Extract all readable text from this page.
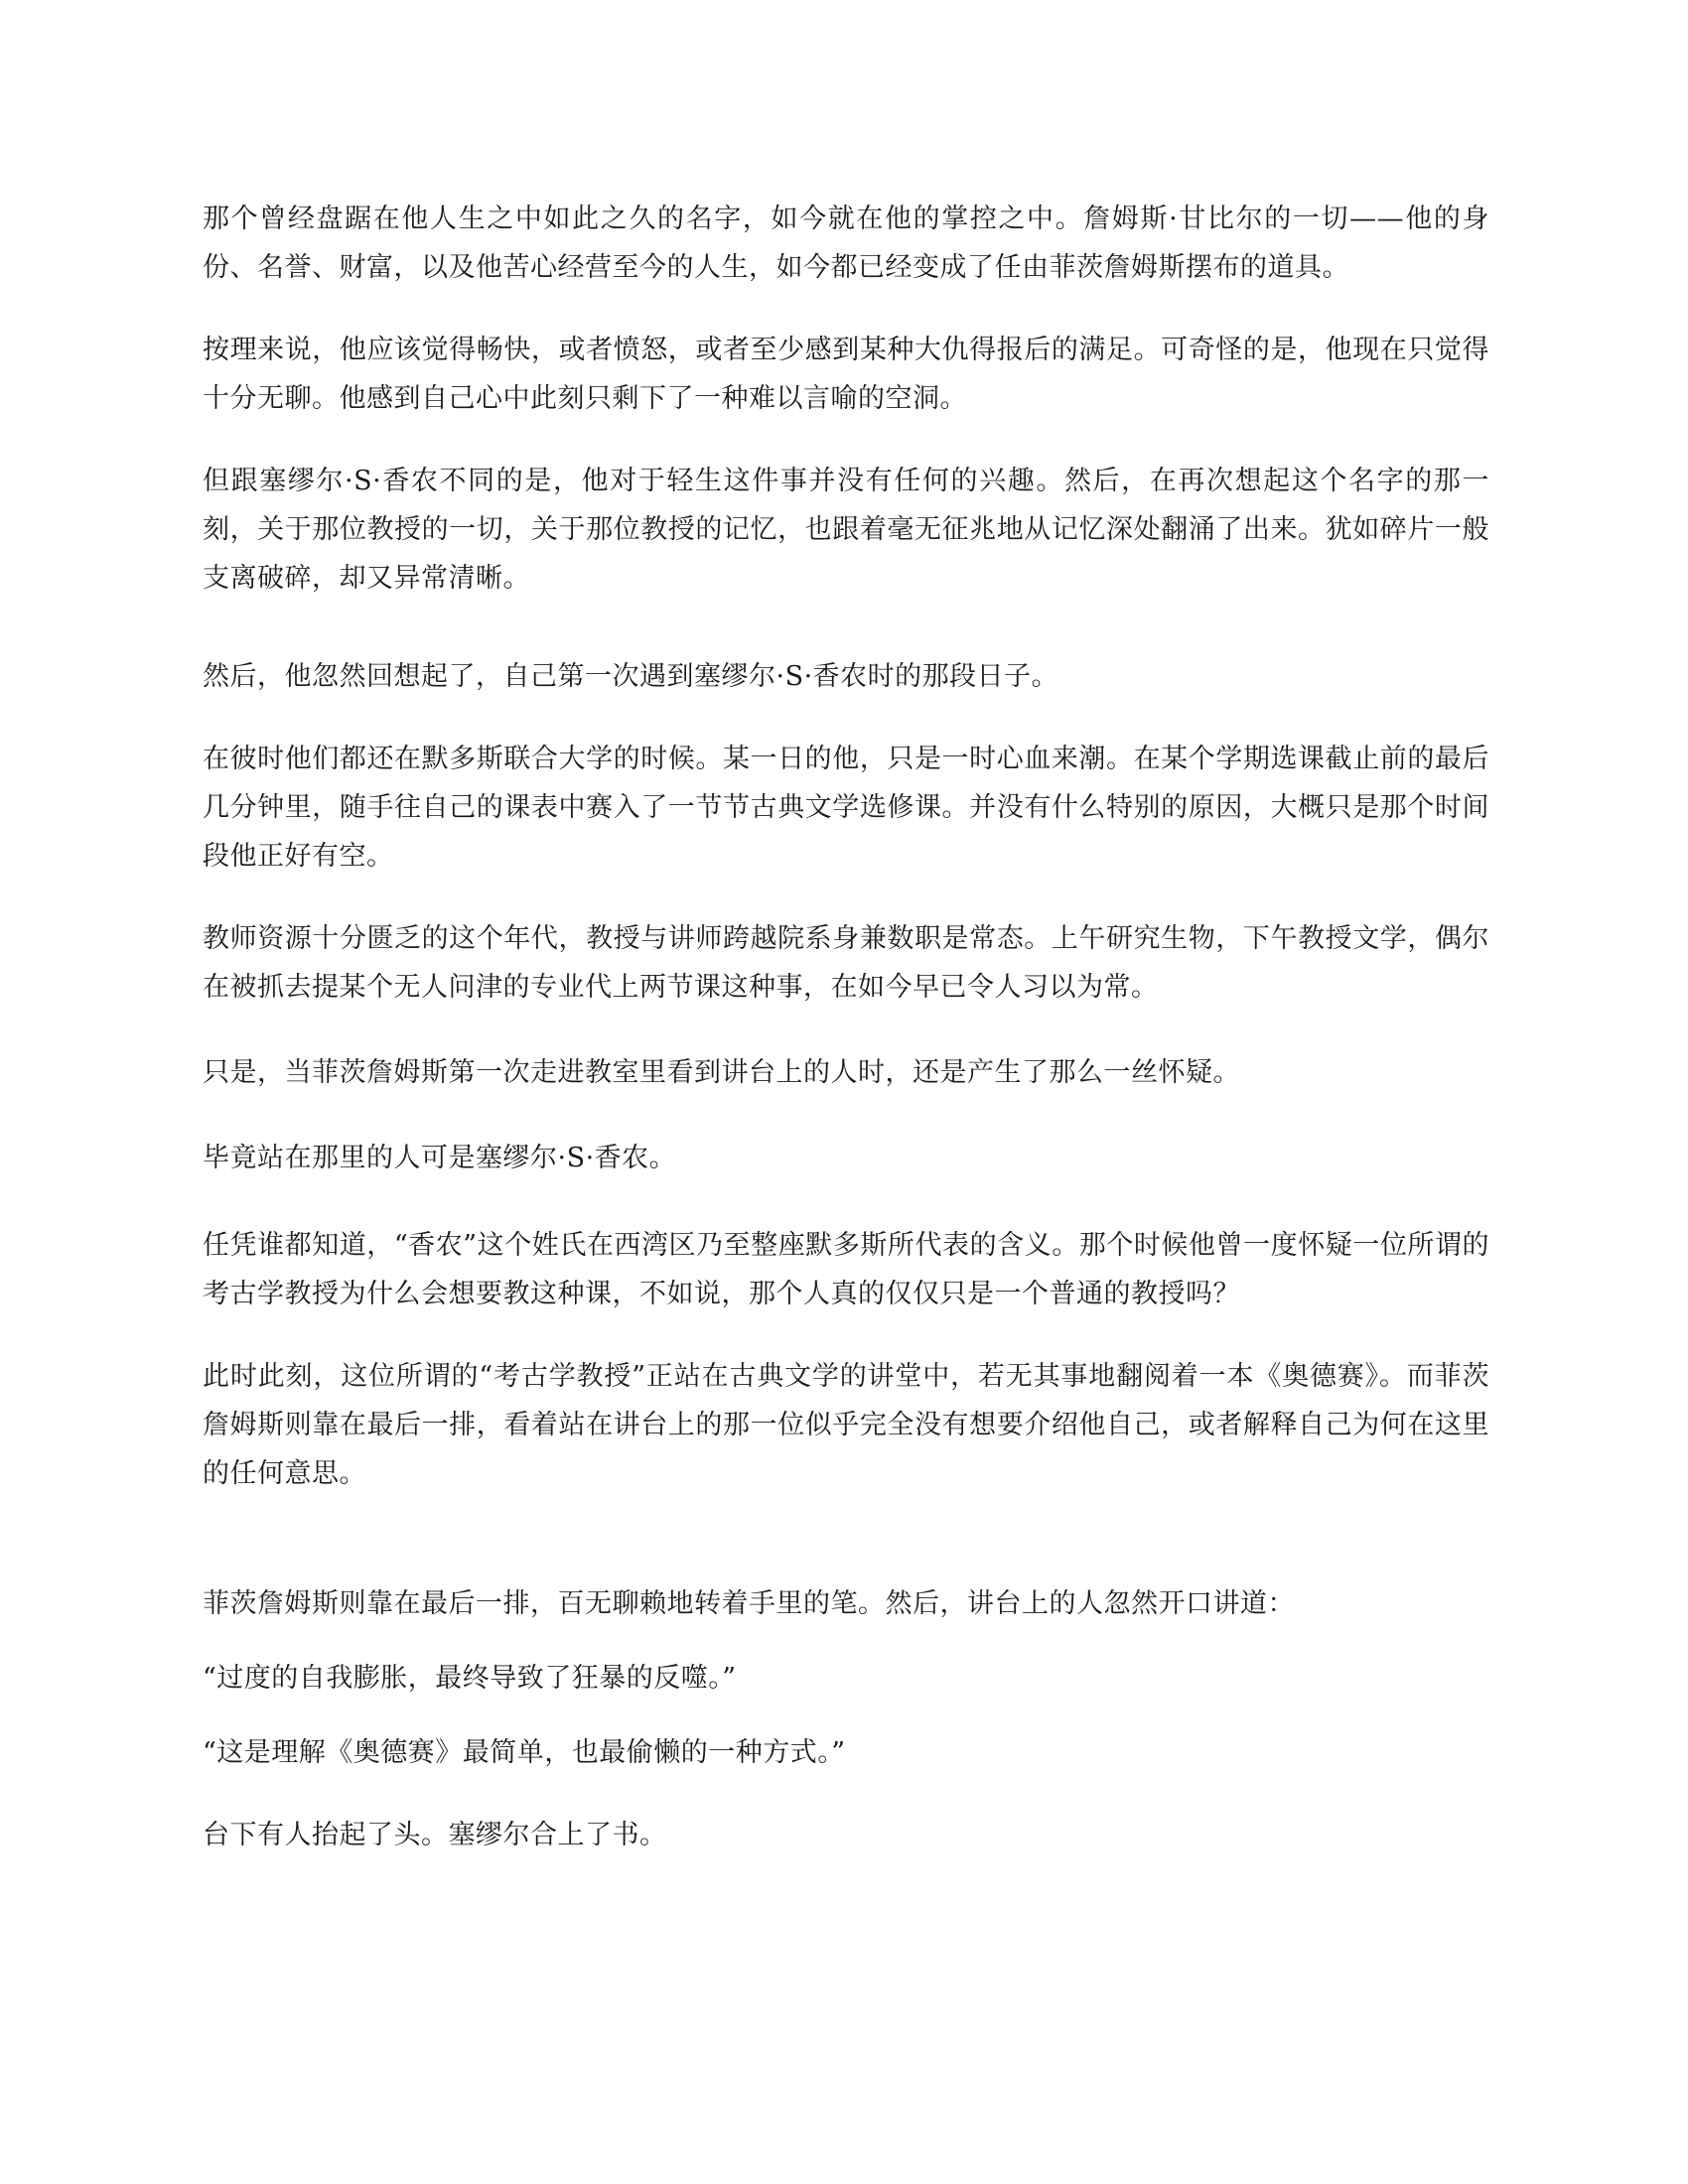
那个曾经盘踞在他人生之中如此之久的名字，如今就在他的掌控之中。詹姆斯·甘比尔的一切——他的身份、名誉、财富，以及他苦心经营至今的人生，如今都已经变成了任由菲茨詹姆斯摆布的道具。

按理来说，他应该觉得畅快，或者愤怒，或者至少感到某种大仇得报后的满足。可奇怪的是，他现在只觉得十分无聊。他感到自己心中此刻只剩下了一种难以言喻的空洞。

但跟塞缪尔·S·香农不同的是，他对于轻生这件事并没有任何的兴趣。然后，在再次想起这个名字的那一刻，关于那位教授的一切，关于那位教授的记忆，也跟着毫无征兆地从记忆深处翻涌了出来。犹如碎片一般支离破碎，却又异常清晰。

然后，他忽然回想起了，自己第一次遇到塞缪尔·S·香农时的那段日子。

在彼时他们都还在默多斯联合大学的时候。某一日的他，只是一时心血来潮。在某个学期选课截止前的最后几分钟里，随手往自己的课表中赛入了一节节古典文学选修课。并没有什么特别的原因，大概只是那个时间段他正好有空。

教师资源十分匮乏的这个年代，教授与讲师跨越院系身兼数职是常态。上午研究生物，下午教授文学，偶尔在被抓去提某个无人问津的专业代上两节课这种事，在如今早已令人习以为常。

只是，当菲茨詹姆斯第一次走进教室里看到讲台上的人时，还是产生了那么一丝怀疑。

毕竟站在那里的人可是塞缪尔·S·香农。

任凭谁都知道，“香农”这个姓氏在西湾区乃至整座默多斯所代表的含义。那个时候他曾一度怀疑一位所谓的考古学教授为什么会想要教这种课，不如说，那个人真的仅仅只是一个普通的教授吗？

此时此刻，这位所谓的“考古学教授”正站在古典文学的讲堂中，若无其事地翻阅着一本《奥德赛》。而菲茨詹姆斯则靠在最后一排，看着站在讲台上的那一位似乎完全没有想要介绍他自己，或者解释自己为何在这里的任何意思。

菲茨詹姆斯则靠在最后一排，百无聊赖地转着手里的笔。然后，讲台上的人忽然开口讲道：

“过度的自我膨胀，最终导致了狂暴的反噬。”

“这是理解《奥德赛》最简单，也最偷懒的一种方式。”

台下有人抬起了头。塞缪尔合上了书。
